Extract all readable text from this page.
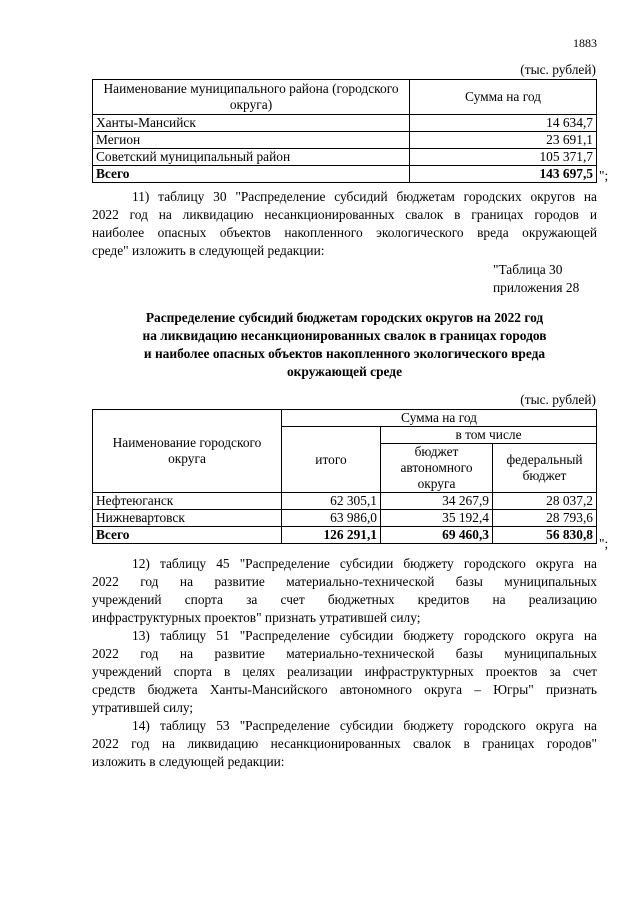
1883
(тыс. рублей)
Наименование муниципального района (городского округа)	Сумма на год
Ханты-Мансийск	14 634,7
Мегион	23 691,1
Советский муниципальный район	105 371,7
Всего	143 697,5 ";
11) таблицу 30 "Распределение субсидий бюджетам городских округов на
2022 год на ликвидацию несанкционированных свалок в границах городов и
наиболее опасных объектов накопленного экологического вреда окружающей
среде" изложить в следующей редакции:
"Таблица 30
приложения 28
Распределение субсидий бюджетам городских округов на 2022 год
на ликвидацию несанкционированных свалок в границах городов
и наиболее опасных объектов накопленного экологического вреда
окружающей среде
(тыс. рублей)
Наименование городского округа	Сумма на год		
	итого	в том числе	
		бюджет автономного округа	федеральный бюджет
Нефтеюганск	62 305,1	34 267,9	28 037,2
Нижневартовск	63 986,0	35 192,4	28 793,6
Всего	126 291,1	69 460,3	56 830,8
";
12) таблицу 45 "Распределение субсидии бюджету городского округа на
2022 год на развитие материально-технической базы муниципальных
учреждений спорта за счет бюджетных кредитов на реализацию
инфраструктурных проектов" признать утратившей силу;
13) таблицу 51 "Распределение субсидии бюджету городского округа на
2022 год на развитие материально-технической базы муниципальных
учреждений спорта в целях реализации инфраструктурных проектов за счет
средств бюджета Ханты-Мансийского автономного округа – Югры" признать
утратившей силу;
14) таблицу 53 "Распределение субсидии бюджету городского округа на
2022 год на ликвидацию несанкционированных свалок в границах городов"
изложить в следующей редакции:
